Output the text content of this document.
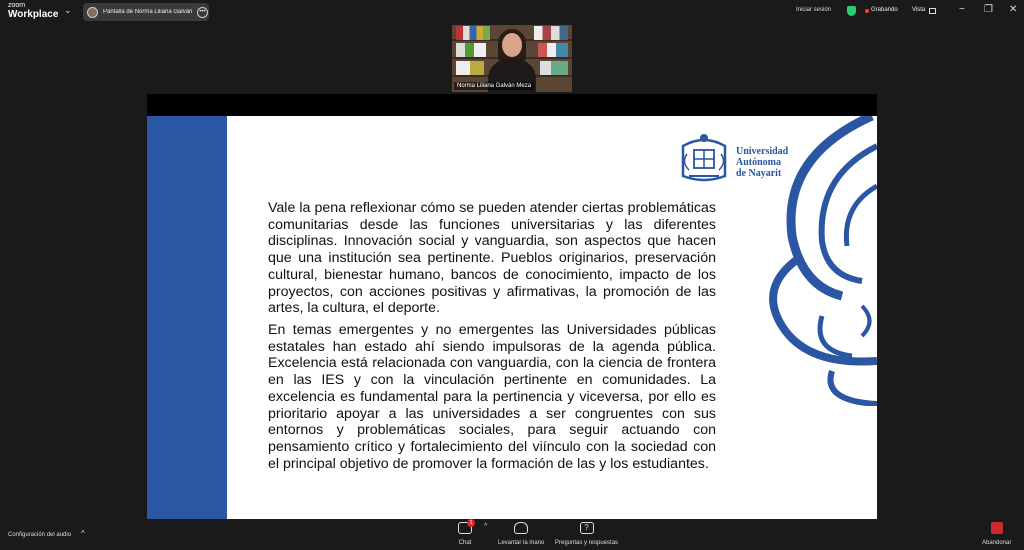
zoom
Workplace ⌄	Pantalla de Norma Liliana Galván	•••	Iniciar sesión	Grabando Vista	− ❐ ✕
Norma Liliana Galván Meza
Universidad
Autónoma
de Nayarit

Vale la pena reflexionar cómo se pueden atender ciertas problemáticas comunitarias desde las funciones universitarias y las diferentes disciplinas. Innovación social y vanguardia, son aspectos que hacen que una institución sea pertinente. Pueblos originarios, preservación cultural, bienestar humano, bancos de conocimiento, impacto de los proyectos, con acciones positivas y afirmativas, la promoción de las artes, la cultura, el deporte.

En temas emergentes y no emergentes las Universidades públicas estatales han estado ahí siendo impulsoras de la agenda pública. Excelencia está relacionada con vanguardia, con la ciencia de frontera en las IES y con la vinculación pertinente en comunidades. La excelencia es fundamental para la pertinencia y viceversa, por ello es prioritario apoyar a las universidades a ser congruentes con sus entornos y problemáticas sociales, para seguir actuando con pensamiento crítico y fortalecimiento del viínculo con la sociedad con el principal objetivo de promover la formación de las y los estudiantes.

Configuración del audio ^
1
Chat
^
Levantar la mano
?
Preguntas y respuestas	Abandonar
